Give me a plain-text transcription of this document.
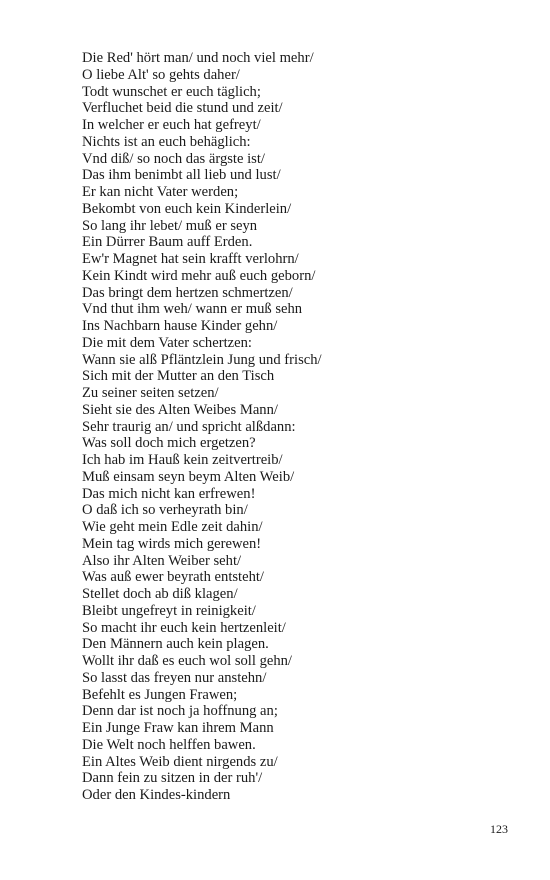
Die Red' hört man/ und noch viel mehr/
O liebe Alt' so gehts daher/
Todt wunschet er euch täglich;
Verfluchet beid die stund und zeit/
In welcher er euch hat gefreyt/
Nichts ist an euch behäglich:
Vnd diß/ so noch das ärgste ist/
Das ihm benimbt all lieb und lust/
Er kan nicht Vater werden;
Bekombt von euch kein Kinderlein/
So lang ihr lebet/ muß er seyn
Ein Dürrer Baum auff Erden.
Ew'r Magnet hat sein krafft verlohrn/
Kein Kindt wird mehr auß euch geborn/
Das bringt dem hertzen schmertzen/
Vnd thut ihm weh/ wann er muß sehn
Ins Nachbarn hause Kinder gehn/
Die mit dem Vater schertzen:
Wann sie alß Pfläntzlein Jung und frisch/
Sich mit der Mutter an den Tisch
Zu seiner seiten setzen/
Sieht sie des Alten Weibes Mann/
Sehr traurig an/ und spricht alßdann:
Was soll doch mich ergetzen?
Ich hab im Hauß kein zeitvertreib/
Muß einsam seyn beym Alten Weib/
Das mich nicht kan erfrewen!
O daß ich so verheyrath bin/
Wie geht mein Edle zeit dahin/
Mein tag wirds mich gerewen!
Also ihr Alten Weiber seht/
Was auß ewer beyrath entsteht/
Stellet doch ab diß klagen/
Bleibt ungefreyt in reinigkeit/
So macht ihr euch kein hertzenleit/
Den Männern auch kein plagen.
Wollt ihr daß es euch wol soll gehn/
So lasst das freyen nur anstehn/
Befehlt es Jungen Frawen;
Denn dar ist noch ja hoffnung an;
Ein Junge Fraw kan ihrem Mann
Die Welt noch helffen bawen.
Ein Altes Weib dient nirgends zu/
Dann fein zu sitzen in der ruh'/
Oder den Kindes-kindern
123
